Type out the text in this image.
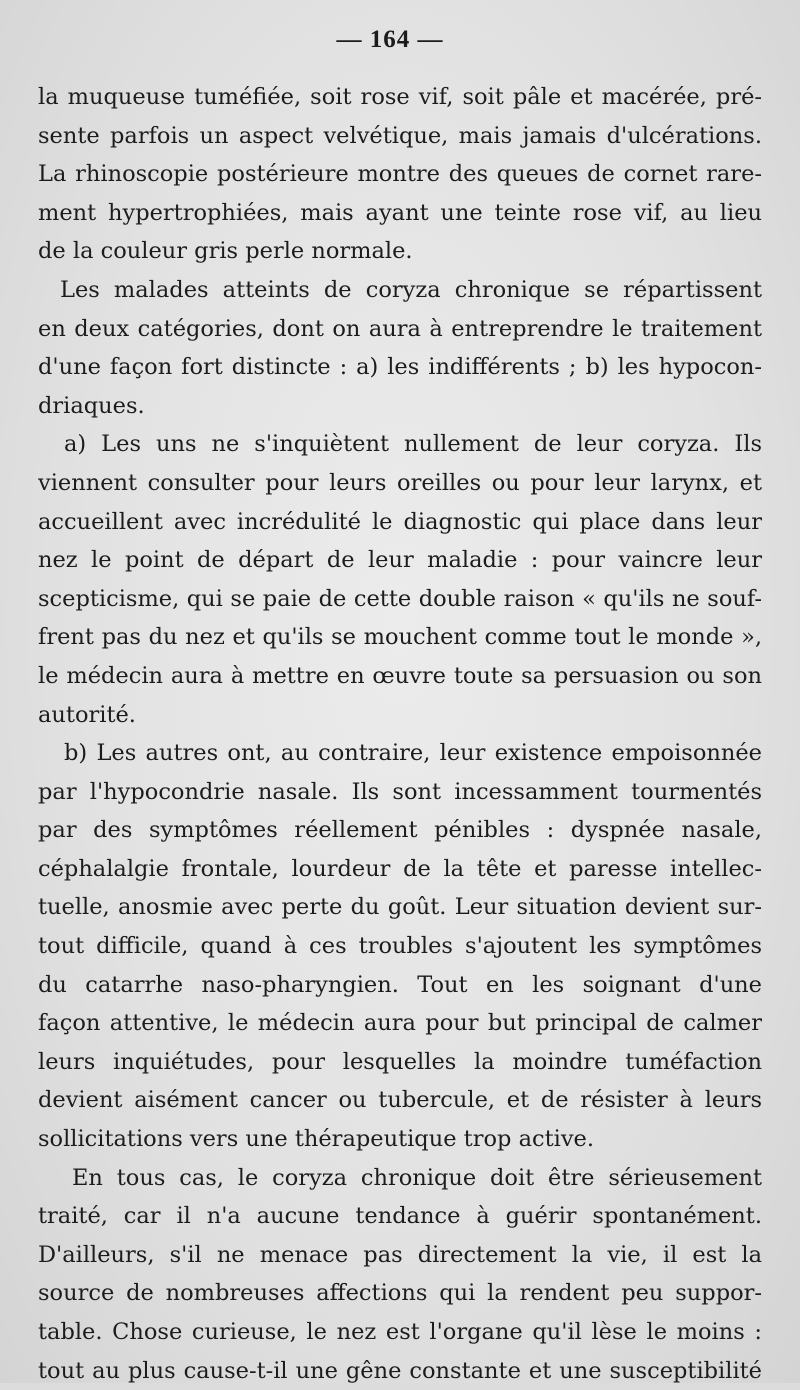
— 164 —
la muqueuse tuméfiée, soit rose vif, soit pâle et macérée, pré-
sente parfois un aspect velvétique, mais jamais d'ulcérations.
La rhinoscopie postérieure montre des queues de cornet rare-
ment hypertrophiées, mais ayant une teinte rose vif, au lieu
de la couleur gris perle normale.
Les malades atteints de coryza chronique se répartissent
en deux catégories, dont on aura à entreprendre le traitement
d'une façon fort distincte : a) les indifférents ; b) les hypocon-
driaques.
a) Les uns ne s'inquiètent nullement de leur coryza. Ils
viennent consulter pour leurs oreilles ou pour leur larynx, et
accueillent avec incrédulité le diagnostic qui place dans leur
nez le point de départ de leur maladie : pour vaincre leur
scepticisme, qui se paie de cette double raison « qu'ils ne souf-
frent pas du nez et qu'ils se mouchent comme tout le monde »,
le médecin aura à mettre en œuvre toute sa persuasion ou son
autorité.
b) Les autres ont, au contraire, leur existence empoisonnée
par l'hypocondrie nasale. Ils sont incessamment tourmentés
par des symptômes réellement pénibles : dyspnée nasale,
céphalalgie frontale, lourdeur de la tête et paresse intellec-
tuelle, anosmie avec perte du goût. Leur situation devient sur-
tout difficile, quand à ces troubles s'ajoutent les symptômes
du catarrhe naso-pharyngien. Tout en les soignant d'une
façon attentive, le médecin aura pour but principal de calmer
leurs inquiétudes, pour lesquelles la moindre tuméfaction
devient aisément cancer ou tubercule, et de résister à leurs
sollicitations vers une thérapeutique trop active.
En tous cas, le coryza chronique doit être sérieusement
traité, car il n'a aucune tendance à guérir spontanément.
D'ailleurs, s'il ne menace pas directement la vie, il est la
source de nombreuses affections qui la rendent peu suppor-
table. Chose curieuse, le nez est l'organe qu'il lèse le moins :
tout au plus cause-t-il une gêne constante et une susceptibilité
